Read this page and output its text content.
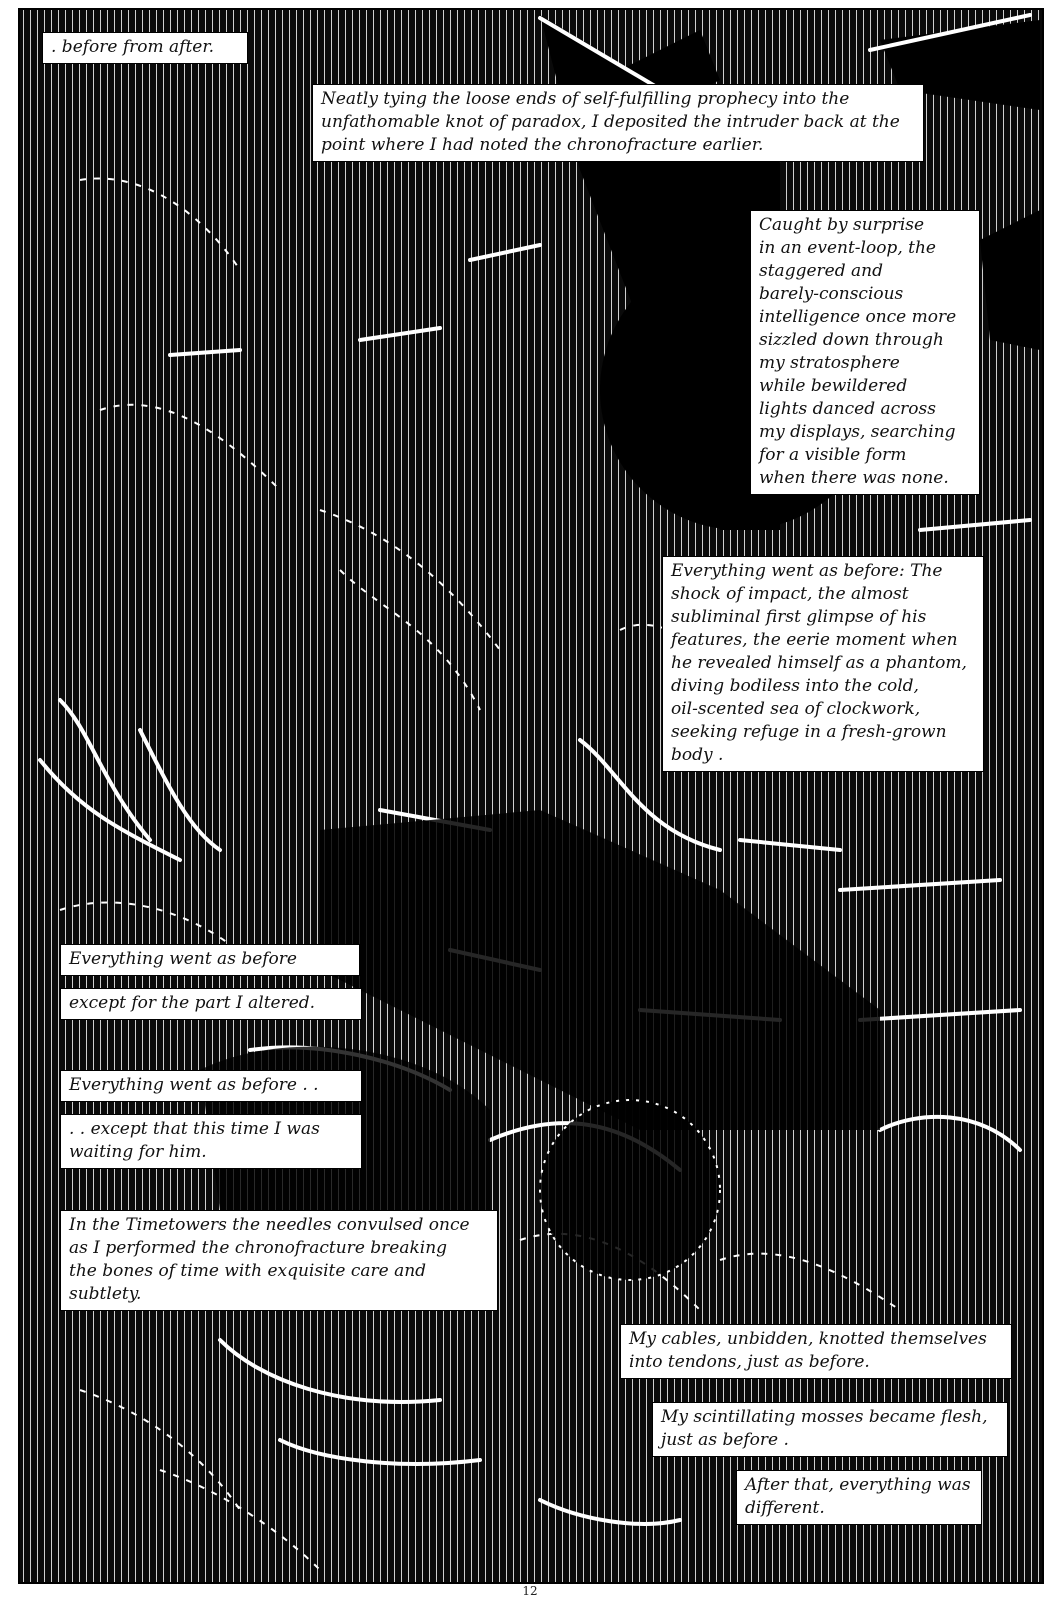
. before from after.
Neatly tying the loose ends of self-fulfilling prophecy into the
unfathomable knot of paradox, I deposited the intruder back at the
point where I had noted the chronofracture earlier.
Caught by surprise
in an event-loop, the
staggered and
barely-conscious
intelligence once more
sizzled down through
my stratosphere
while bewildered
lights danced across
my displays, searching
for a visible form
when there was none.
Everything went as before: The
shock of impact, the almost
subliminal first glimpse of his
features, the eerie moment when
he revealed himself as a phantom,
diving bodiless into the cold,
oil-scented sea of clockwork,
seeking refuge in a fresh-grown
body .
Everything went as before
except for the part I altered.
Everything went as before . .
. . except that this time I was
waiting for him.
In the Timetowers the needles convulsed once
as I performed the chronofracture breaking
the bones of time with exquisite care and
subtlety.
My cables, unbidden, knotted themselves
into tendons, just as before.
My scintillating mosses became flesh,
just as before .
After that, everything was
different.
12
